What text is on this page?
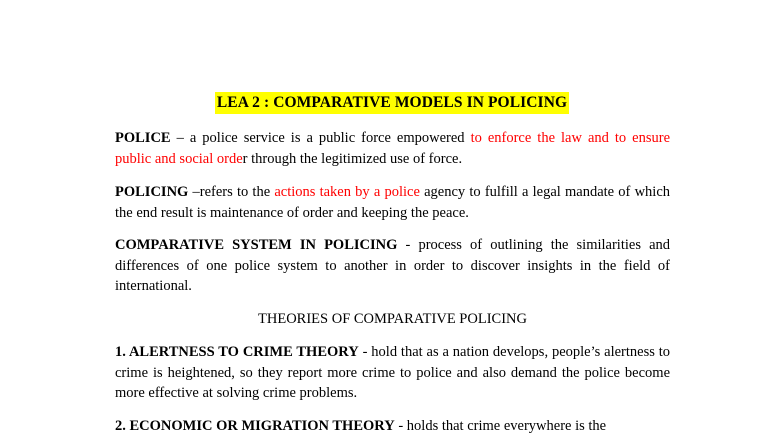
LEA 2 : COMPARATIVE MODELS IN POLICING

POLICE – a police service is a public force empowered to enforce the law and to ensure public and social order through the legitimized use of force.

POLICING –refers to the actions taken by a police agency to fulfill a legal mandate of which the end result is maintenance of order and keeping the peace.

COMPARATIVE SYSTEM IN POLICING - process of outlining the similarities and differences of one police system to another in order to discover insights in the field of international.

THEORIES OF COMPARATIVE POLICING

1. ALERTNESS TO CRIME THEORY - hold that as a nation develops, people’s alertness to crime is heightened, so they report more crime to police and also demand the police become more effective at solving crime problems.

2. ECONOMIC OR MIGRATION THEORY - holds that crime everywhere is the
